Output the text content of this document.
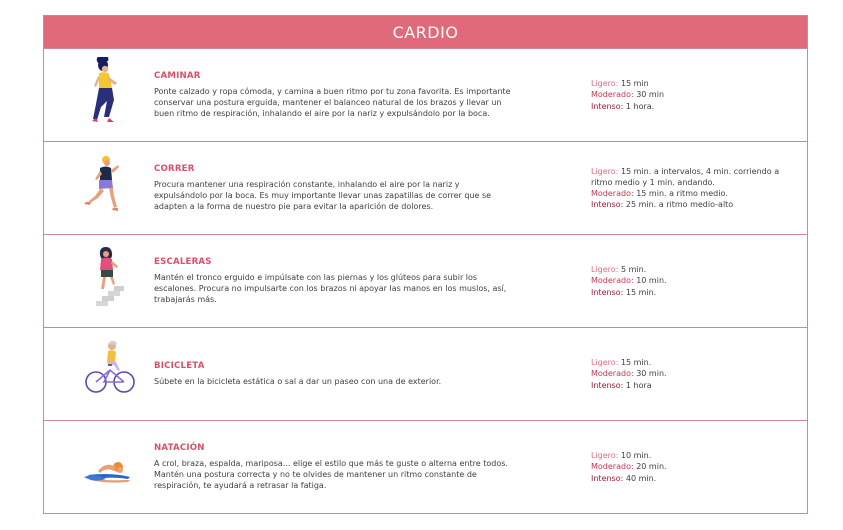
CARDIO
CAMINAR
Ponte calzado y ropa cómoda, y camina a buen ritmo por tu zona favorita. Es importante conservar una postura erguida, mantener el balanceo natural de los brazos y llevar un buen ritmo de respiración, inhalando el aire por la nariz y expulsándolo por la boca.
Ligero: 15 min
Moderado: 30 min
Intenso: 1 hora.
CORRER
Procura mantener una respiración constante, inhalando el aire por la nariz y expulsándolo por la boca. Es muy importante llevar unas zapatillas de correr que se adapten a la forma de nuestro pie para evitar la aparición de dolores.
Ligero: 15 min. a intervalos, 4 min. corriendo a ritmo medio y 1 min. andando.
Moderado: 15 min. a ritmo medio.
Intenso: 25 min. a ritmo medio-alto
ESCALERAS
Mantén el tronco erguido e impúlsate con las piernas y los glúteos para subir los escalones. Procura no impulsarte con los brazos ni apoyar las manos en los muslos, así, trabajarás más.
Ligero: 5 min.
Moderado: 10 min.
Intenso: 15 min.
BICICLETA
Súbete en la bicicleta estática o sal a dar un paseo con una de exterior.
Ligero: 15 min.
Moderado: 30 min.
Intenso: 1 hora
NATACIÓN
A crol, braza, espalda, mariposa... elige el estilo que más te guste o alterna entre todos. Mantén una postura correcta y no te olvides de mantener un ritmo constante de respiración, te ayudará a retrasar la fatiga.
Ligero: 10 min.
Moderado: 20 min.
Intenso: 40 min.
